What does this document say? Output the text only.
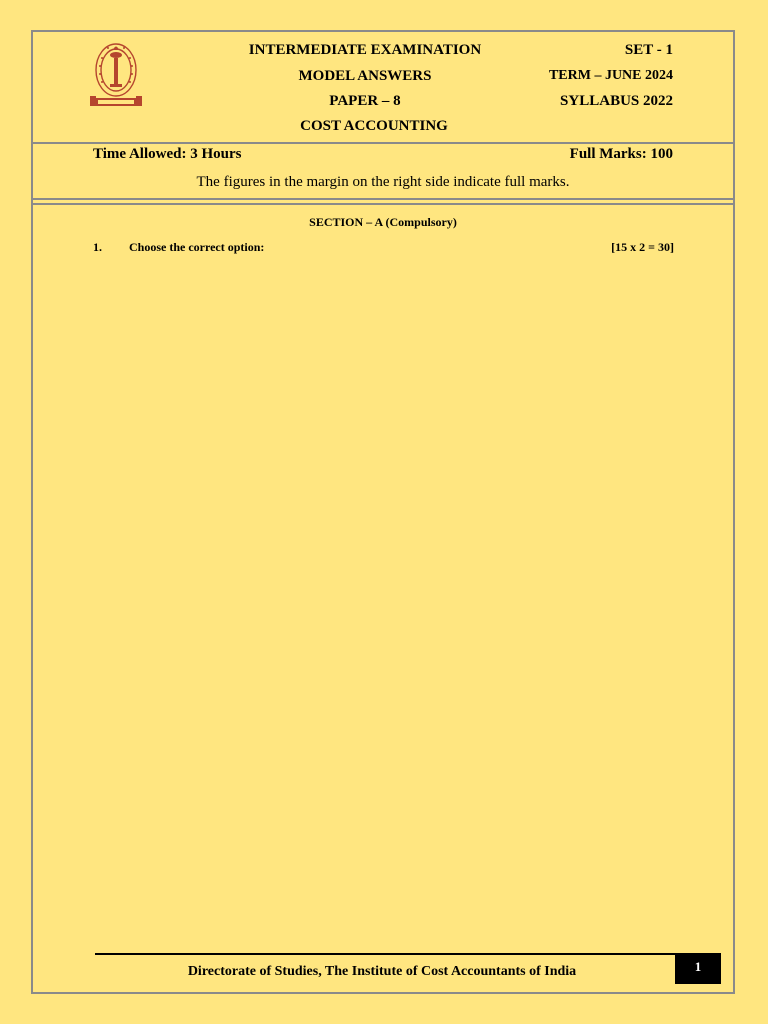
INTERMEDIATE EXAMINATION
MODEL ANSWERS
PAPER – 8
COST ACCOUNTING
SET - 1
TERM – JUNE 2024
SYLLABUS 2022
Time Allowed: 3 Hours	Full Marks: 100
The figures in the margin on the right side indicate full marks.
SECTION – A (Compulsory)
1. Choose the correct option:	[15 x 2 = 30]
Directorate of Studies, The Institute of Cost Accountants of India	1
